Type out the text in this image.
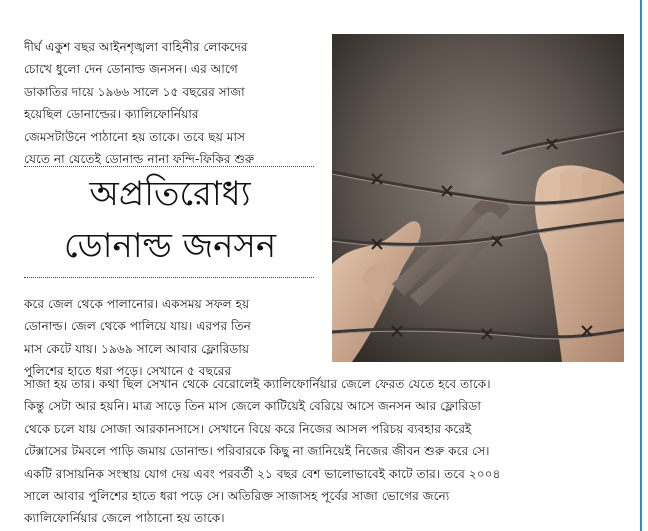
দীর্ঘ একুশ বছর আইনশৃঙ্খলা বাহিনীর লোকদের
চোখে ধুলো দেন ডোনাল্ড জনসন। এর আগে
ডাকাতির দায়ে ১৯৬৬ সালে ১৫ বছরের সাজা
হয়েছিল ডোনাল্ডের। ক্যালিফোর্নিয়ার
জেমসটাউনে পাঠানো হয় তাকে। তবে ছয় মাস
যেতে না যেতেই ডোনাল্ড নানা ফন্দি-ফিকির শুরু
অপ্রতিরোধ্য
ডোনাল্ড জনসন
করে জেল থেকে পালানোর। একসময় সফল হয়
ডোনাল্ড। জেল থেকে পালিয়ে যায়। এরপর তিন
মাস কেটে যায়। ১৯৬৯ সালে আবার ফ্লোরিডায়
পুলিশের হাতে ধরা পড়ে। সেখানে ৫ বছরের
সাজা হয় তার। কথা ছিল সেখান থেকে বেরোলেই ক্যালিফোর্নিয়ার জেলে ফেরত যেতে হবে তাকে।
কিন্তু সেটা আর হয়নি। মাত্র সাড়ে তিন মাস জেলে কাটিয়েই বেরিয়ে আসে জনসন আর ফ্লোরিডা
থেকে চলে যায় সোজা আরকানসাসে। সেখানে বিয়ে করে নিজের আসল পরিচয় ব্যবহার করেই
টেক্সাসের টমবলে পাড়ি জমায় ডোনাল্ড। পরিবারকে কিছু না জানিয়েই নিজের জীবন শুরু করে সে।
একটি রাসায়নিক সংস্থায় যোগ দেয় এবং পরবর্তী ২১ বছর বেশ ভালোভাবেই কাটে তার। তবে ২০০৪
সালে আবার পুলিশের হাতে ধরা পড়ে সে। অতিরিক্ত সাজাসহ পূর্বের সাজা ভোগের জন্যে
ক্যালিফোর্নিয়ার জেলে পাঠানো হয় তাকে।
